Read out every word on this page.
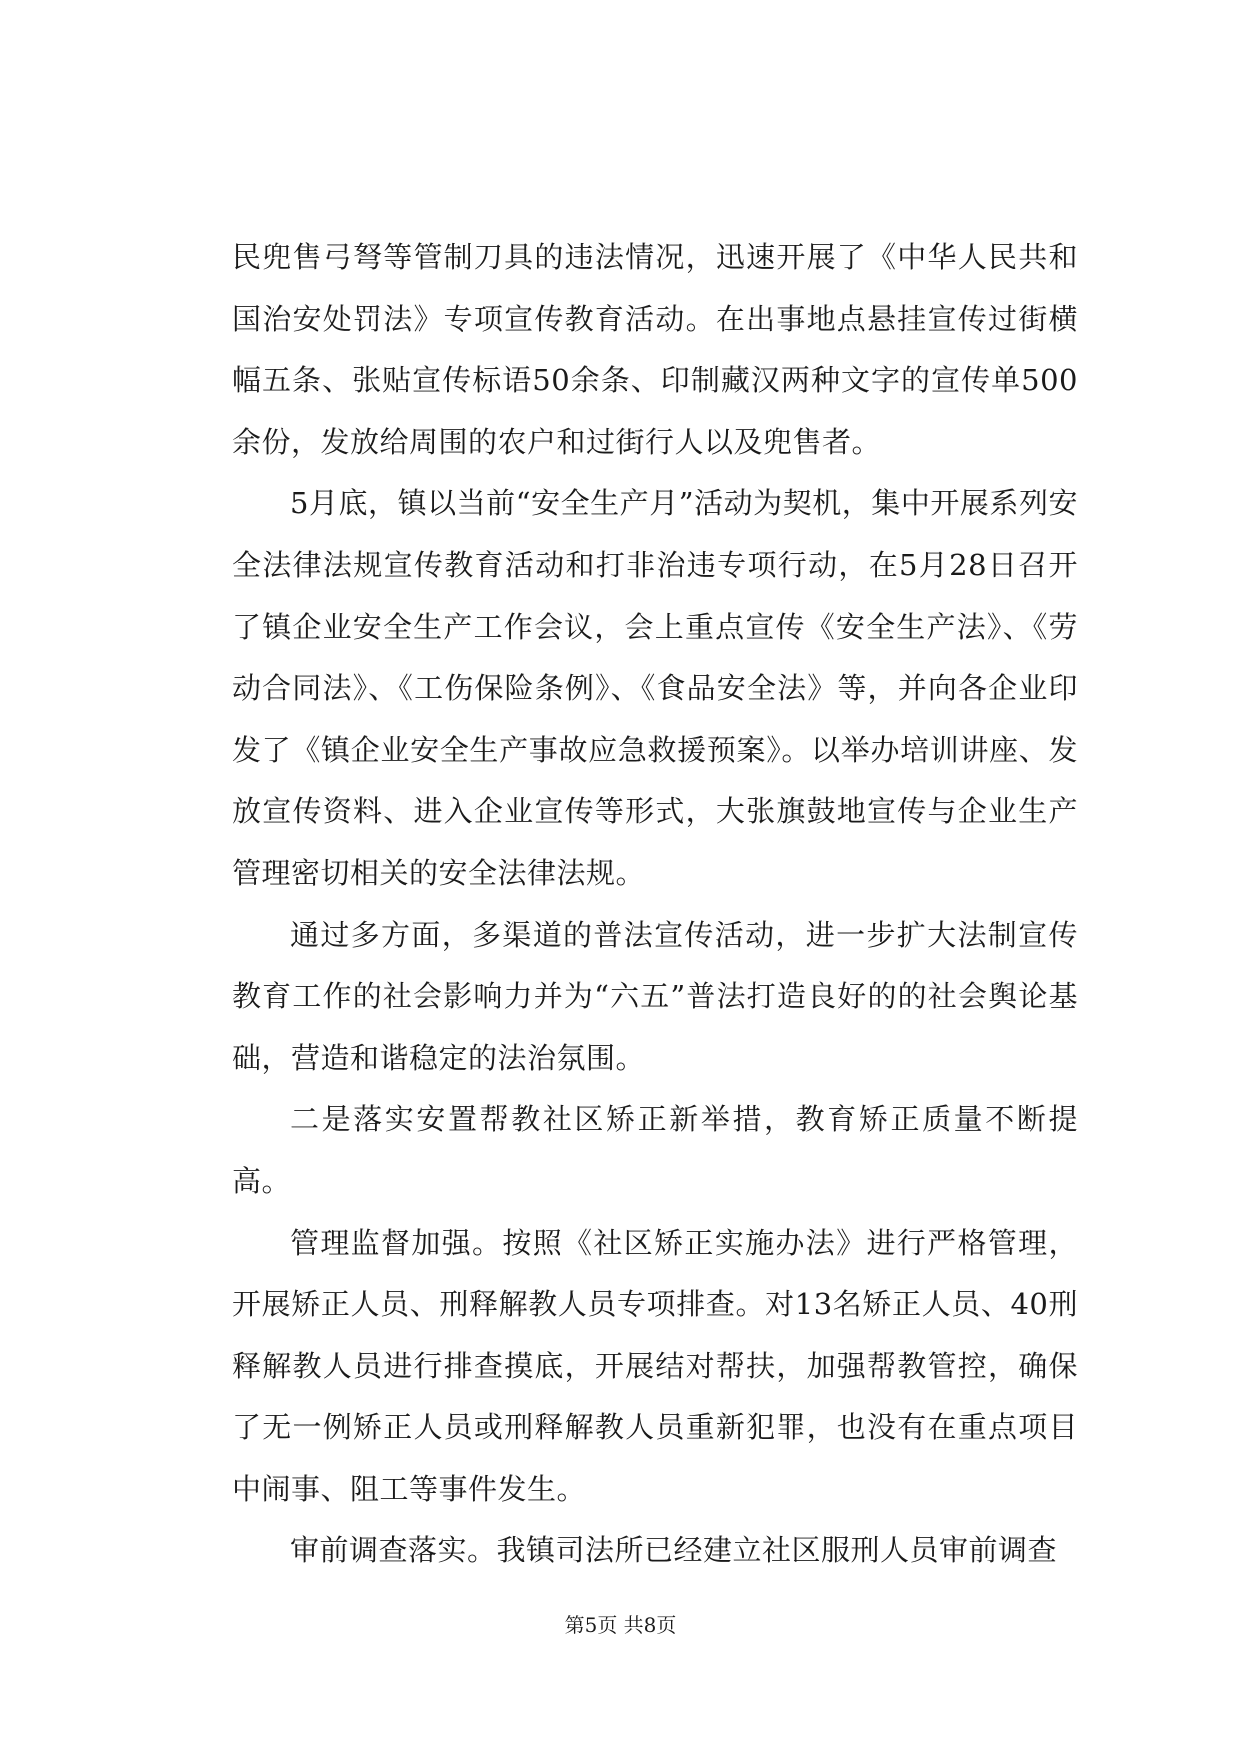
民兜售弓弩等管制刀具的违法情况，迅速开展了《中华人民共和国治安处罚法》专项宣传教育活动。在出事地点悬挂宣传过街横幅五条、张贴宣传标语50余条、印制藏汉两种文字的宣传单500余份，发放给周围的农户和过街行人以及兜售者。

5月底，镇以当前“安全生产月”活动为契机，集中开展系列安全法律法规宣传教育活动和打非治违专项行动，在5月28日召开了镇企业安全生产工作会议，会上重点宣传《安全生产法》、《劳动合同法》、《工伤保险条例》、《食品安全法》等，并向各企业印发了《镇企业安全生产事故应急救援预案》。以举办培训讲座、发放宣传资料、进入企业宣传等形式，大张旗鼓地宣传与企业生产管理密切相关的安全法律法规。

通过多方面，多渠道的普法宣传活动，进一步扩大法制宣传教育工作的社会影响力并为“六五”普法打造良好的的社会舆论基础，营造和谐稳定的法治氛围。

二是落实安置帮教社区矫正新举措，教育矫正质量不断提高。

管理监督加强。按照《社区矫正实施办法》进行严格管理，开展矫正人员、刑释解教人员专项排查。对13名矫正人员、40刑释解教人员进行排查摸底，开展结对帮扶，加强帮教管控，确保了无一例矫正人员或刑释解教人员重新犯罪，也没有在重点项目中闹事、阻工等事件发生。

审前调查落实。我镇司法所已经建立社区服刑人员审前调查

第5页 共8页
